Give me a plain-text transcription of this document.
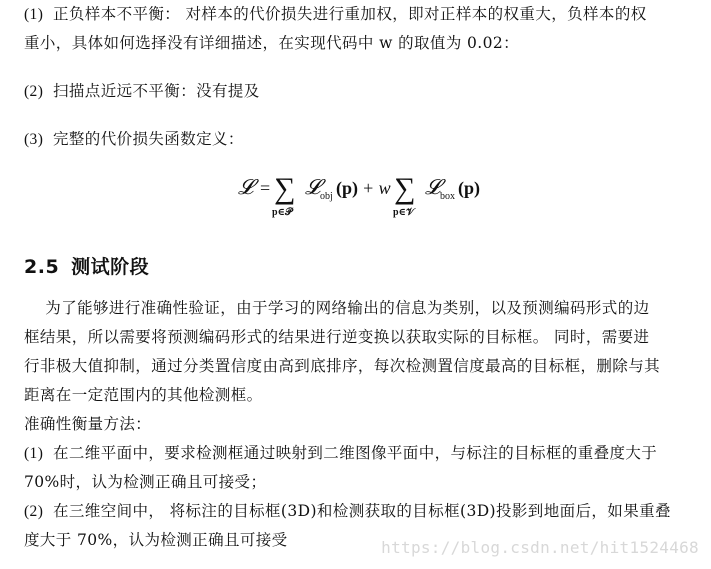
(1) 正负样本不平衡： 对样本的代价损失进行重加权，即对正样本的权重大，负样本的权
重小，具体如何选择没有详细描述，在实现代码中 w 的取值为 0.02：
(2) 扫描点近远不平衡：没有提及
(3) 完整的代价损失函数定义：
𝓛 = ∑
p∈𝒫
𝓛 obj (p) + w ∑
p∈𝒱
𝓛 box (p)
2.5 测试阶段
为了能够进行准确性验证，由于学习的网络输出的信息为类别，以及预测编码形式的边
框结果，所以需要将预测编码形式的结果进行逆变换以获取实际的目标框。 同时，需要进
行非极大值抑制，通过分类置信度由高到底排序，每次检测置信度最高的目标框，删除与其
距离在一定范围内的其他检测框。
准确性衡量方法：
(1) 在二维平面中，要求检测框通过映射到二维图像平面中，与标注的目标框的重叠度大于
70%时，认为检测正确且可接受；
(2) 在三维空间中， 将标注的目标框(3D)和检测获取的目标框(3D)投影到地面后，如果重叠
度大于 70%，认为检测正确且可接受	https://blog.csdn.net/hit1524468
